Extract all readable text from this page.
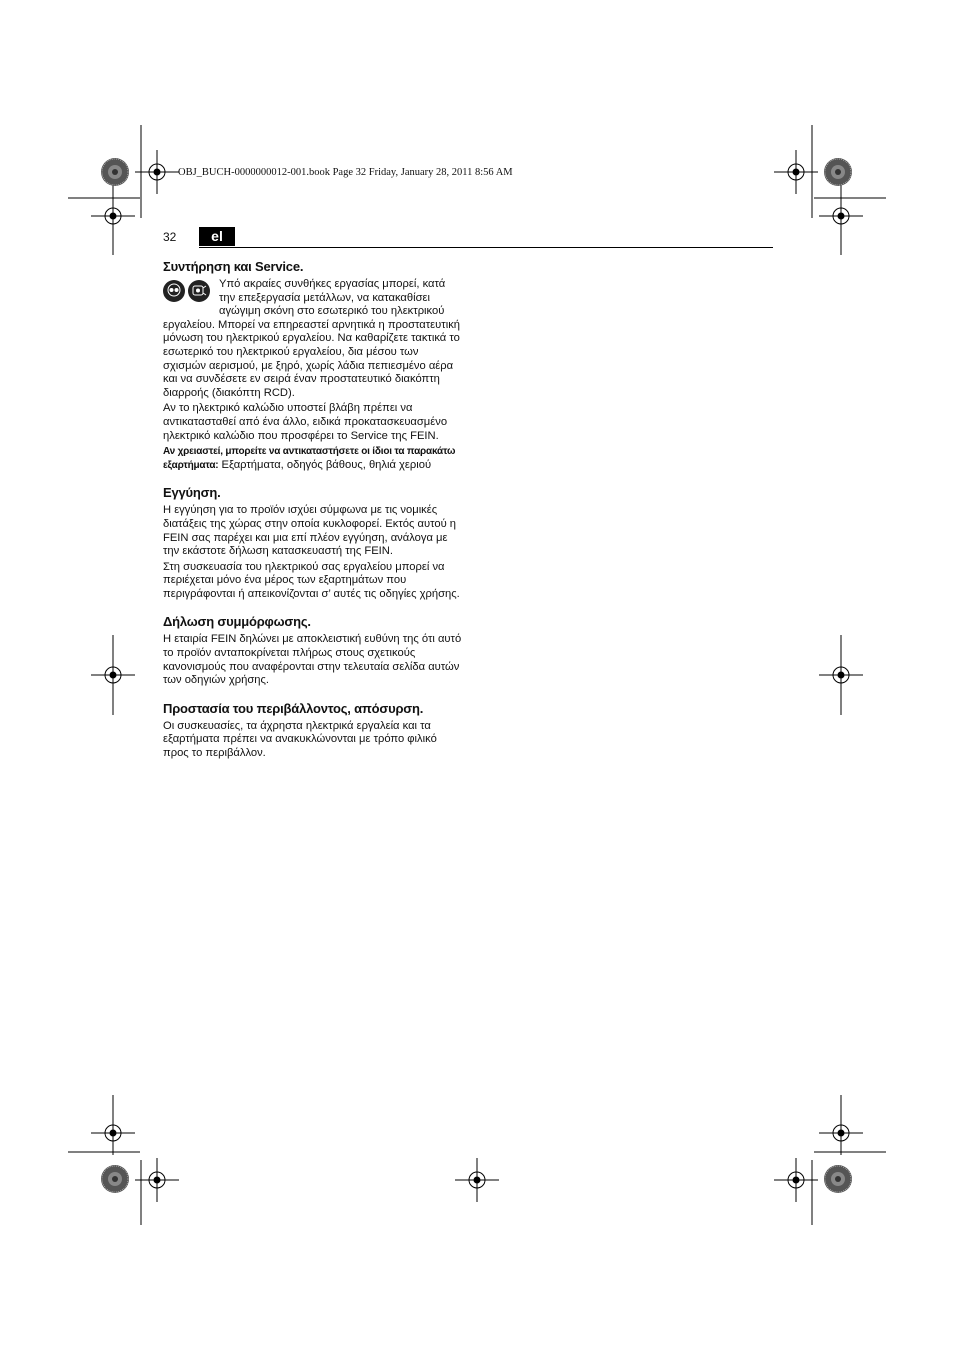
OBJ_BUCH-0000000012-001.book Page 32 Friday, January 28, 2011 8:56 AM
32	el
Συντήρηση και Service.

Υπό ακραίες συνθήκες εργασίας μπορεί, κατά την επεξεργασία μετάλλων, να κατακαθίσει αγώγιμη σκόνη στο εσωτερικό του ηλεκτρικού εργαλείου. Μπορεί να επηρεαστεί αρνητικά η προστατευτική μόνωση του ηλεκτρικού εργαλείου. Να καθαρίζετε τακτικά το εσωτερικό του ηλεκτρικού εργαλείου, δια μέσου των σχισμών αερισμού, με ξηρό, χωρίς λάδια πεπιεσμένο αέρα και να συνδέσετε εν σειρά έναν προστατευτικό διακόπτη διαρροής (διακόπτη RCD).

Αν το ηλεκτρικό καλώδιο υποστεί βλάβη πρέπει να αντικατασταθεί από ένα άλλο, ειδικά προκατασκευασμένο ηλεκτρικό καλώδιο που προσφέρει το Service της FEIN.

Αν χρειαστεί, μπορείτε να αντικαταστήσετε οι ίδιοι τα παρακάτω εξαρτήματα: Εξαρτήματα, οδηγός βάθους, θηλιά χεριού

Εγγύηση.

Η εγγύηση για το προϊόν ισχύει σύμφωνα με τις νομικές διατάξεις της χώρας στην οποία κυκλοφορεί. Εκτός αυτού η FEIN σας παρέχει και μια επί πλέον εγγύηση, ανάλογα με την εκάστοτε δήλωση κατασκευαστή της FEIN.

Στη συσκευασία του ηλεκτρικού σας εργαλείου μπορεί να περιέχεται μόνο ένα μέρος των εξαρτημάτων που περιγράφονται ή απεικονίζονται σ’ αυτές τις οδηγίες χρήσης.

Δήλωση συμμόρφωσης.

Η εταιρία FEIN δηλώνει με αποκλειστική ευθύνη της ότι αυτό το προϊόν ανταποκρίνεται πλήρως στους σχετικούς κανονισμούς που αναφέρονται στην τελευταία σελίδα αυτών των οδηγιών χρήσης.

Προστασία του περιβάλλοντος, απόσυρση.

Οι συσκευασίες, τα άχρηστα ηλεκτρικά εργαλεία και τα εξαρτήματα πρέπει να ανακυκλώνονται με τρόπο φιλικό προς το περιβάλλον.
